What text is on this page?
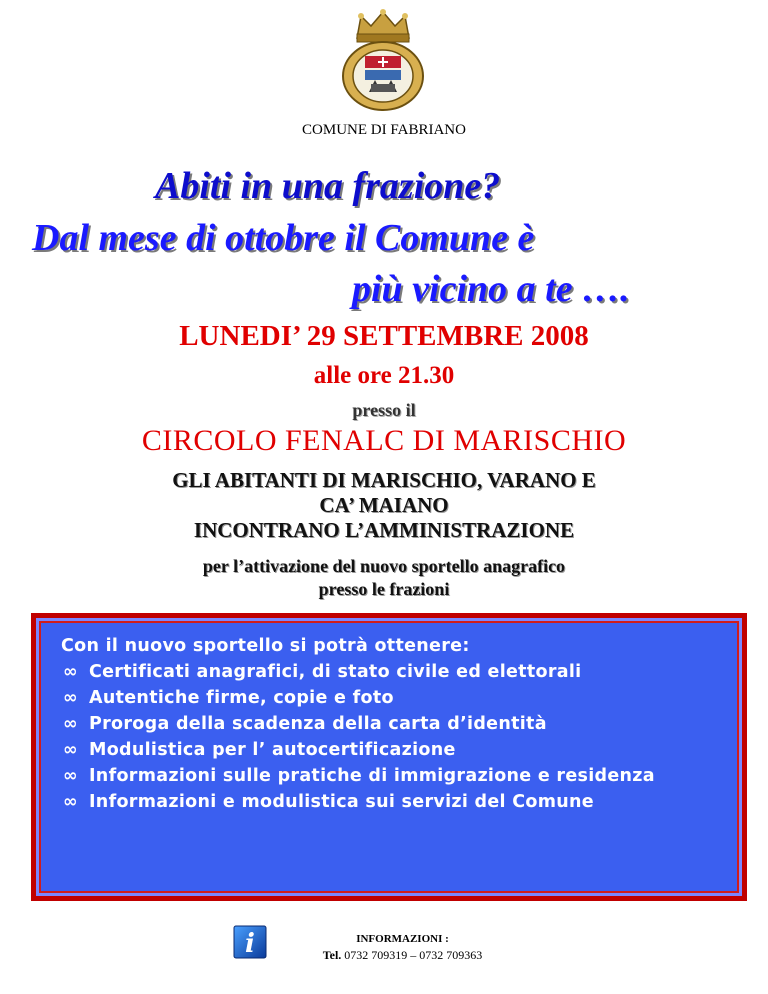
COMUNE DI FABRIANO
Abiti in una frazione?
Dal mese di ottobre il Comune è
più vicino a te ….
LUNEDI’ 29 SETTEMBRE 2008
alle ore 21.30
presso il
CIRCOLO FENALC DI MARISCHIO
GLI ABITANTI DI MARISCHIO, VARANO E
CA’ MAIANO
INCONTRANO L’AMMINISTRAZIONE
per l’attivazione del nuovo sportello anagrafico
presso le frazioni

Con il nuovo sportello si potrà ottenere:

∞ Certificati anagrafici, di stato civile ed elettorali
∞ Autentiche firme, copie e foto
∞ Proroga della scadenza della carta d’identità
∞ Modulistica per l’ autocertificazione
∞ Informazioni sulle pratiche di immigrazione e residenza
∞ Informazioni e modulistica sui servizi del Comune
i	INFORMAZIONI :
Tel. 0732 709319 – 0732 709363
